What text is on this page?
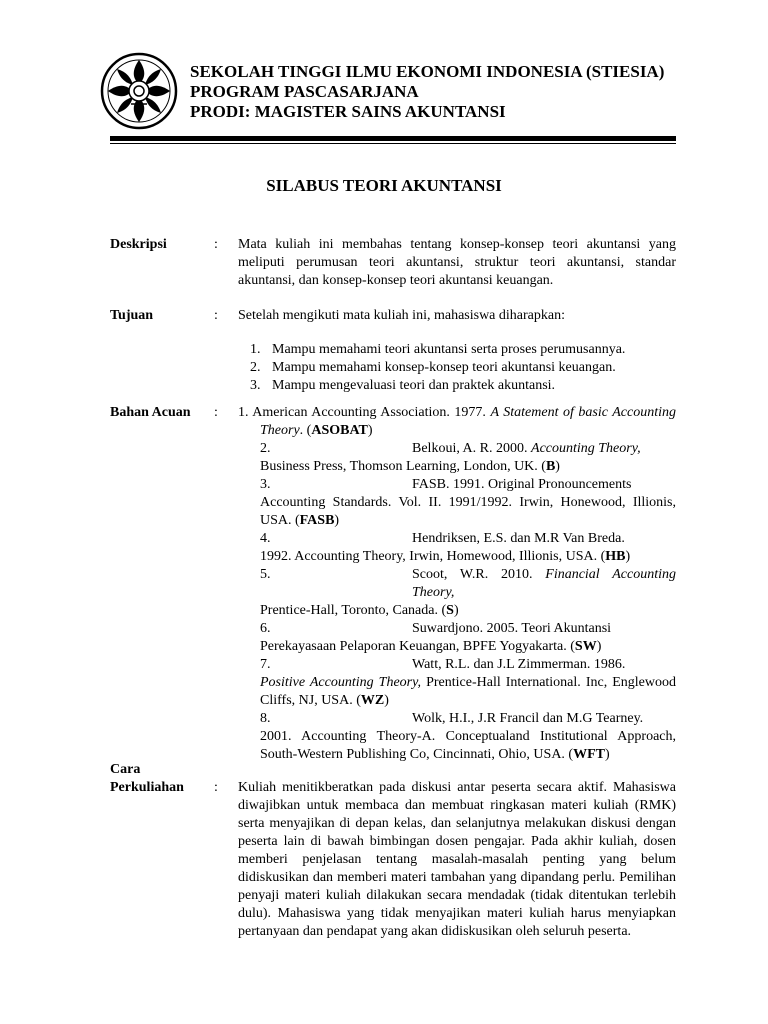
SEKOLAH TINGGI ILMU EKONOMI INDONESIA (STIESIA)
PROGRAM PASCASARJANA
PRODI: MAGISTER SAINS AKUNTANSI
SILABUS TEORI AKUNTANSI
Deskripsi	: Mata kuliah ini membahas tentang konsep-konsep teori akuntansi yang meliputi perumusan teori akuntansi, struktur teori akuntansi, standar akuntansi, dan konsep-konsep teori akuntansi keuangan.
Tujuan	: Setelah mengikuti mata kuliah ini, mahasiswa diharapkan:

1. Mampu memahami teori akuntansi serta proses perumusannya.
2. Mampu memahami konsep-konsep teori akuntansi keuangan.
3. Mampu mengevaluasi teori dan praktek akuntansi.
Bahan Acuan : 1. American Accounting Association. 1977. A Statement of basic Accounting Theory. (ASOBAT)
2.	Belkoui, A. R. 2000. Accounting Theory,
Business Press, Thomson Learning, London, UK. (B)
3.	FASB. 1991. Original Pronouncements
Accounting Standards. Vol. II. 1991/1992. Irwin, Honewood, Illionis, USA. (FASB)
4.	Hendriksen, E.S. dan M.R Van Breda.
1992. Accounting Theory, Irwin, Homewood, Illionis, USA. (HB)
5.	Scoot, W.R. 2010. Financial Accounting Theory,
Prentice-Hall, Toronto, Canada. (S)
6.	Suwardjono. 2005. Teori Akuntansi
Perekayasaan Pelaporan Keuangan, BPFE Yogyakarta. (SW)
7.	Watt, R.L. dan J.L Zimmerman. 1986.
Positive Accounting Theory, Prentice-Hall International. Inc, Englewood Cliffs, NJ, USA. (WZ)
8.	Wolk, H.I., J.R Francil dan M.G Tearney.
2001. Accounting Theory-A. Conceptualand Institutional Approach, South-Western Publishing Co, Cincinnati, Ohio, USA. (WFT)
Cara
Perkuliahan : Kuliah menitikberatkan pada diskusi antar peserta secara aktif. Mahasiswa diwajibkan untuk membaca dan membuat ringkasan materi kuliah (RMK) serta menyajikan di depan kelas, dan selanjutnya melakukan diskusi dengan peserta lain di bawah bimbingan dosen pengajar. Pada akhir kuliah, dosen memberi penjelasan tentang masalah-masalah penting yang belum didiskusikan dan memberi materi tambahan yang dipandang perlu. Pemilihan penyaji materi kuliah dilakukan secara mendadak (tidak ditentukan terlebih dulu). Mahasiswa yang tidak menyajikan materi kuliah harus menyiapkan pertanyaan dan pendapat yang akan didiskusikan oleh seluruh peserta.
